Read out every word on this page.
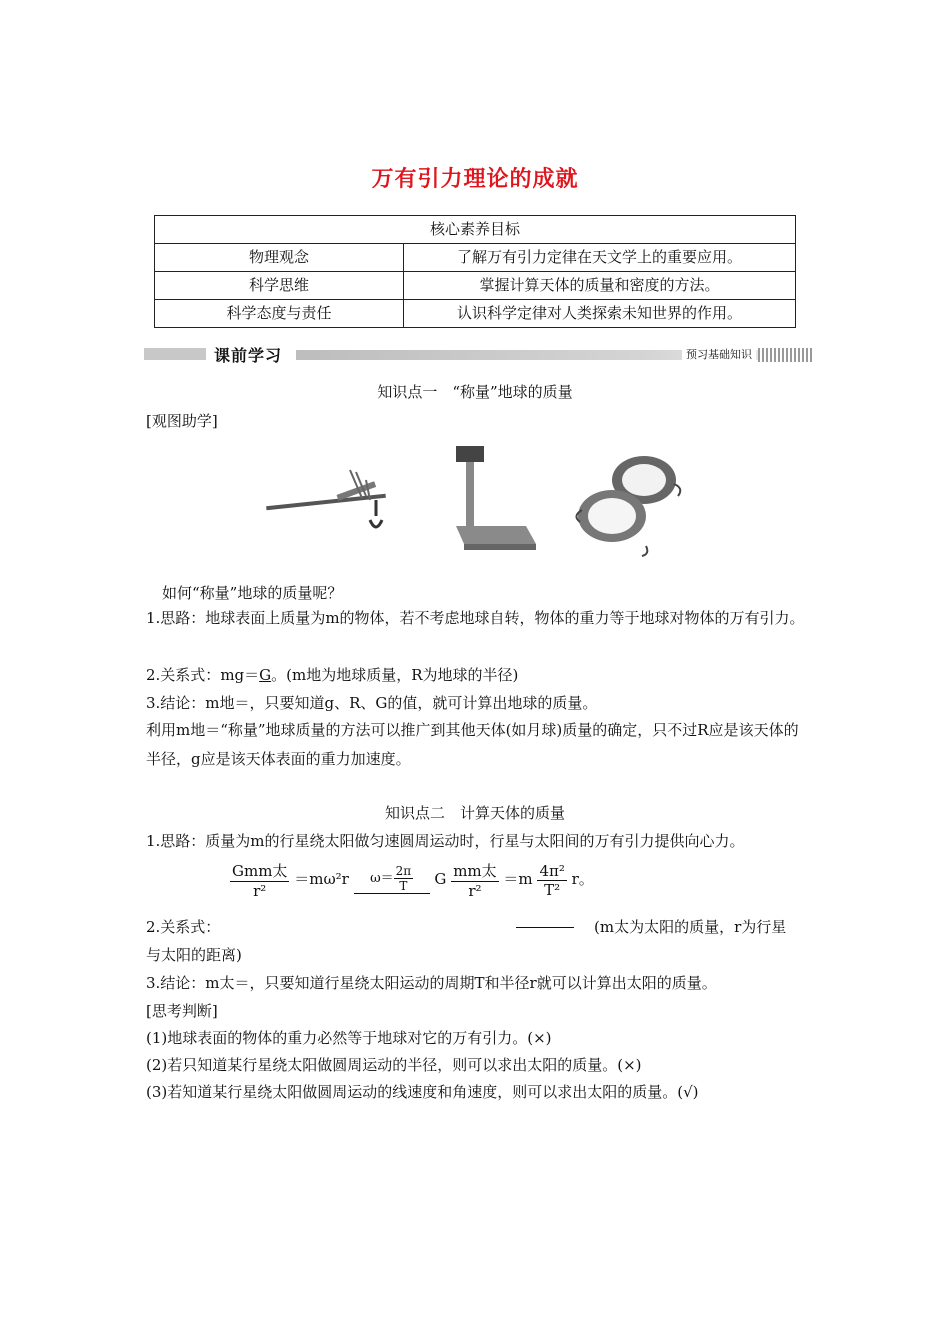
万有引力理论的成就
核心素养目标	
物理观念	了解万有引力定律在天文学上的重要应用。
科学思维	掌握计算天体的质量和密度的方法。
科学态度与责任	认识科学定律对人类探索未知世界的作用。
课前学习	预习基础知识
知识点一　“称量”地球的质量
[观图助学]
如何“称量”地球的质量呢？
1.思路：地球表面上质量为m的物体，若不考虑地球自转，物体的重力等于地球对物体的万有引力。
2.关系式：mg＝G。(m地为地球质量，R为地球的半径)
3.结论：m地＝，只要知道g、R、G的值，就可计算出地球的质量。
利用m地＝“称量”地球质量的方法可以推广到其他天体(如月球)质量的确定，只不过R应是该天体的半径，g应是该天体表面的重力加速度。
知识点二　计算天体的质量
1.思路：质量为m的行星绕太阳做匀速圆周运动时，行星与太阳间的万有引力提供向心力。
$\frac{\text{Gmm太}}{\text{r²}} =m\omega^2r$ $\omega= \frac{2\pi}{T}$ G $\frac{\text{mm太}}{\text{r²}} =m \frac{\text{4π²}}{\text{T²}}$ r。
2.关系式：	(m太为太阳的质量，r为行星
与太阳的距离)
3.结论：m太＝，只要知道行星绕太阳运动的周期T和半径r就可以计算出太阳的质量。
[思考判断]
(1)地球表面的物体的重力必然等于地球对它的万有引力。(×)
(2)若只知道某行星绕太阳做圆周运动的半径，则可以求出太阳的质量。(×)
(3)若知道某行星绕太阳做圆周运动的线速度和角速度，则可以求出太阳的质量。(√)
